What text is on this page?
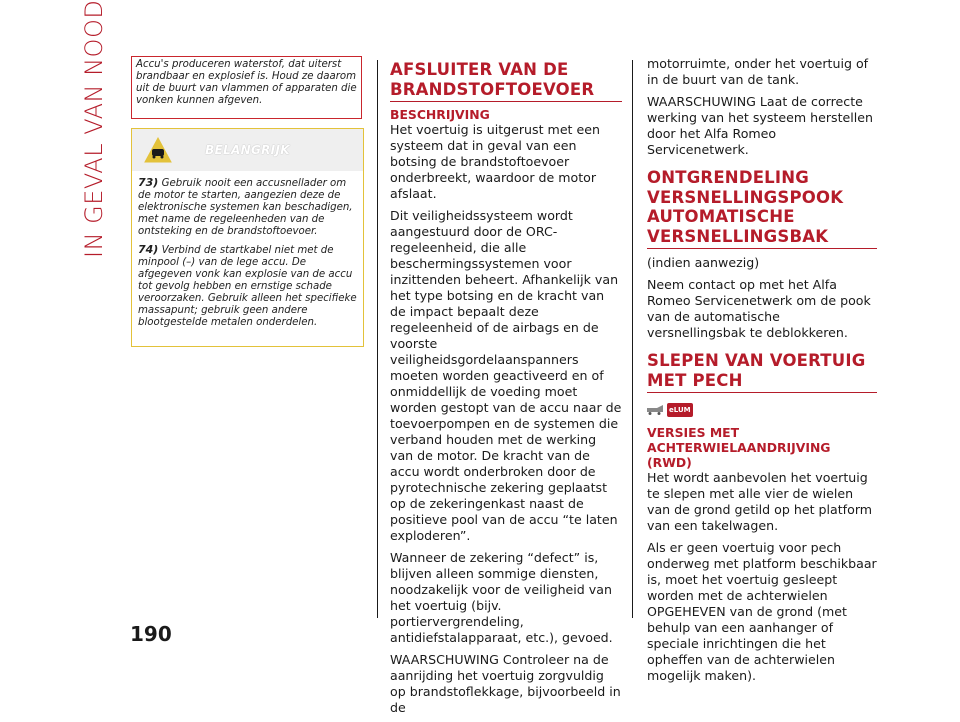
IN GEVAL VAN NOOD	Accu's produceren waterstof, dat uiterst brandbaar en explosief is. Houd ze daarom uit de buurt van vlammen of apparaten die vonken kunnen afgeven.
BELANGRIJK
73) Gebruik nooit een accusnellader om de motor te starten, aangezien deze de elektronische systemen kan beschadigen, met name de regeleenheden van de ontsteking en de brandstoftoevoer.
74) Verbind de startkabel niet met de minpool (–) van de lege accu. De afgegeven vonk kan explosie van de accu tot gevolg hebben en ernstige schade veroorzaken. Gebruik alleen het specifieke massapunt; gebruik geen andere blootgestelde metalen onderdelen.
190
AFSLUITER VAN DE BRANDSTOFTOEVOER
BESCHRIJVING

Het voertuig is uitgerust met een systeem dat in geval van een botsing de brandstoftoevoer onderbreekt, waardoor de motor afslaat.

Dit veiligheidssysteem wordt aangestuurd door de ORC-regeleenheid, die alle beschermingssystemen voor inzittenden beheert. Afhankelijk van het type botsing en de kracht van de impact bepaalt deze regeleenheid of de airbags en de voorste veiligheidsgordelaanspanners moeten worden geactiveerd en of onmiddellijk de voeding moet worden gestopt van de accu naar de toevoerpompen en de systemen die verband houden met de werking van de motor. De kracht van de accu wordt onderbroken door de pyrotechnische zekering geplaatst op de zekeringenkast naast de positieve pool van de accu “te laten exploderen”.

Wanneer de zekering “defect” is, blijven alleen sommige diensten, noodzakelijk voor de veiligheid van het voertuig (bijv. portiervergrendeling, antidiefstalapparaat, etc.), gevoed.

WAARSCHUWING Controleer na de aanrijding het voertuig zorgvuldig op brandstoflekkage, bijvoorbeeld in de

motorruimte, onder het voertuig of in de buurt van de tank.

WAARSCHUWING Laat de correcte werking van het systeem herstellen door het Alfa Romeo Servicenetwerk.

ONTGRENDELING VERSNELLINGSPOOK AUTOMATISCHE VERSNELLINGSBAK

(indien aanwezig)

Neem contact op met het Alfa Romeo Servicenetwerk om de pook van de automatische versnellingsbak te deblokkeren.

SLEPEN VAN VOERTUIG MET PECH
eLUM
VERSIES MET ACHTERWIELAANDRIJVING (RWD)

Het wordt aanbevolen het voertuig te slepen met alle vier de wielen van de grond getild op het platform van een takelwagen.

Als er geen voertuig voor pech onderweg met platform beschikbaar is, moet het voertuig gesleept worden met de achterwielen OPGEHEVEN van de grond (met behulp van een aanhanger of speciale inrichtingen die het opheffen van de achterwielen mogelijk maken).
